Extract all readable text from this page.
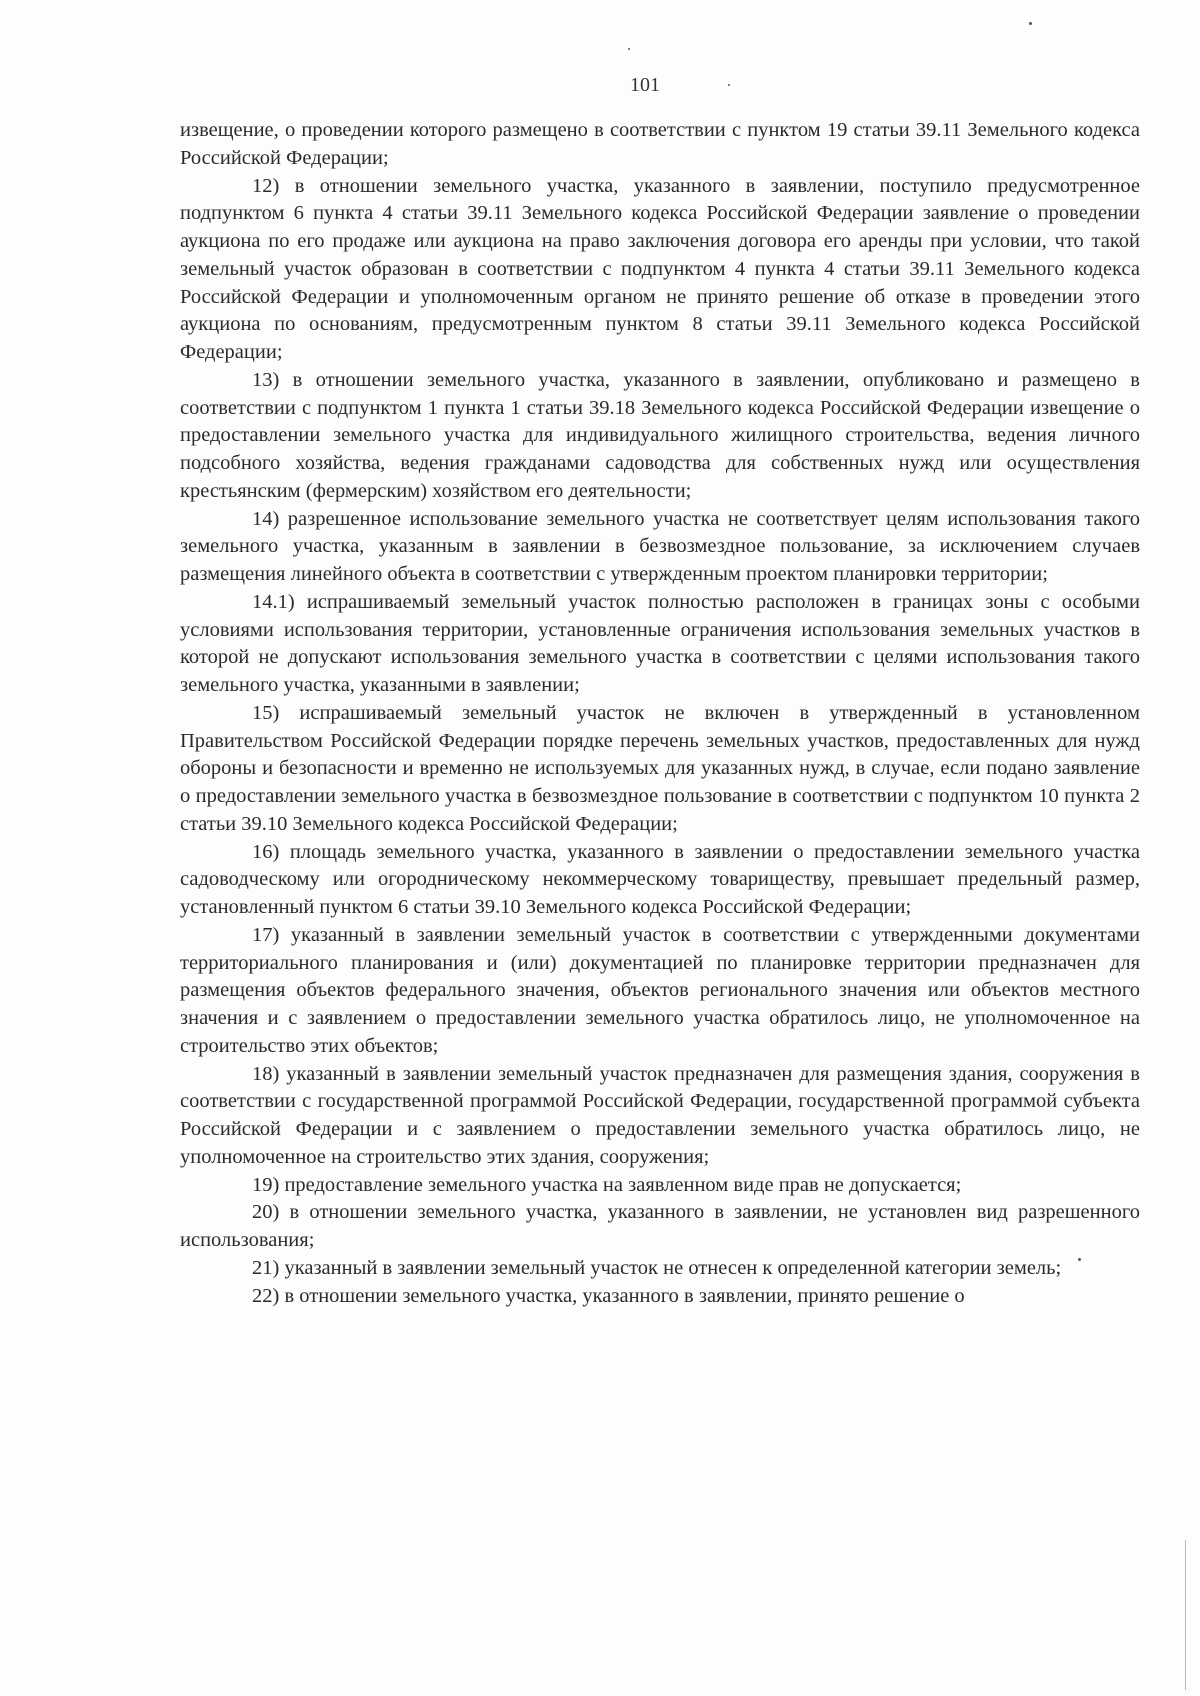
101

извещение, о проведении которого размещено в соответствии с пунктом 19 статьи 39.11 Земельного кодекса Российской Федерации;

12) в отношении земельного участка, указанного в заявлении, поступило предусмотренное подпунктом 6 пункта 4 статьи 39.11 Земельного кодекса Российской Федерации заявление о проведении аукциона по его продаже или аукциона на право заключения договора его аренды при условии, что такой земельный участок образован в соответствии с подпунктом 4 пункта 4 статьи 39.11 Земельного кодекса Российской Федерации и уполномоченным органом не принято решение об отказе в проведении этого аукциона по основаниям, предусмотренным пунктом 8 статьи 39.11 Земельного кодекса Российской Федерации;

13) в отношении земельного участка, указанного в заявлении, опубликовано и размещено в соответствии с подпунктом 1 пункта 1 статьи 39.18 Земельного кодекса Российской Федерации извещение о предоставлении земельного участка для индивидуального жилищного строительства, ведения личного подсобного хозяйства, ведения гражданами садоводства для собственных нужд или осуществления крестьянским (фермерским) хозяйством его деятельности;

14) разрешенное использование земельного участка не соответствует целям использования такого земельного участка, указанным в заявлении в безвозмездное пользование, за исключением случаев размещения линейного объекта в соответствии с утвержденным проектом планировки территории;

14.1) испрашиваемый земельный участок полностью расположен в границах зоны с особыми условиями использования территории, установленные ограничения использования земельных участков в которой не допускают использования земельного участка в соответствии с целями использования такого земельного участка, указанными в заявлении;

15) испрашиваемый земельный участок не включен в утвержденный в установленном Правительством Российской Федерации порядке перечень земельных участков, предоставленных для нужд обороны и безопасности и временно не используемых для указанных нужд, в случае, если подано заявление о предоставлении земельного участка в безвозмездное пользование в соответствии с подпунктом 10 пункта 2 статьи 39.10 Земельного кодекса Российской Федерации;

16) площадь земельного участка, указанного в заявлении о предоставлении земельного участка садоводческому или огородническому некоммерческому товариществу, превышает предельный размер, установленный пунктом 6 статьи 39.10 Земельного кодекса Российской Федерации;

17) указанный в заявлении земельный участок в соответствии с утвержденными документами территориального планирования и (или) документацией по планировке территории предназначен для размещения объектов федерального значения, объектов регионального значения или объектов местного значения и с заявлением о предоставлении земельного участка обратилось лицо, не уполномоченное на строительство этих объектов;

18) указанный в заявлении земельный участок предназначен для размещения здания, сооружения в соответствии с государственной программой Российской Федерации, государственной программой субъекта Российской Федерации и с заявлением о предоставлении земельного участка обратилось лицо, не уполномоченное на строительство этих здания, сооружения;

19) предоставление земельного участка на заявленном виде прав не допускается;

20) в отношении земельного участка, указанного в заявлении, не установлен вид разрешенного использования;

21) указанный в заявлении земельный участок не отнесен к определенной категории земель;

22) в отношении земельного участка, указанного в заявлении, принято решение о
